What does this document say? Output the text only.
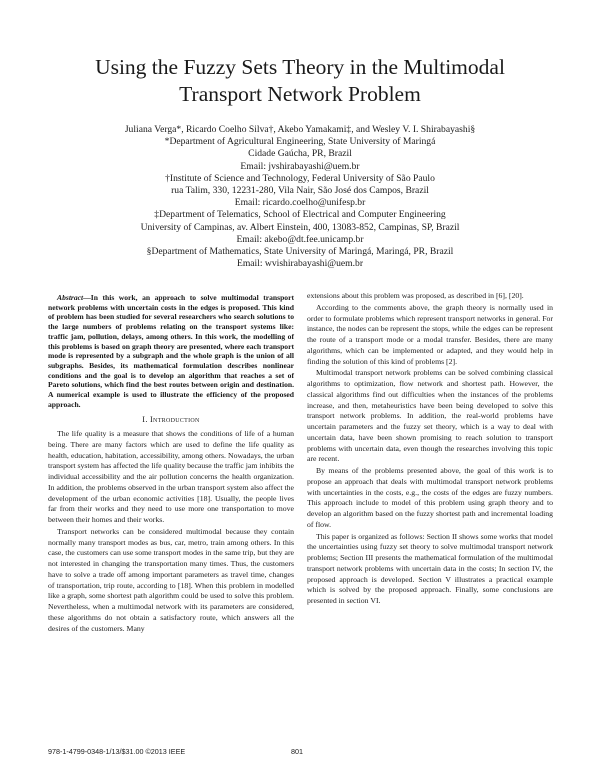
Using the Fuzzy Sets Theory in the Multimodal
Transport Network Problem
Juliana Verga*, Ricardo Coelho Silva†, Akebo Yamakami‡, and Wesley V. I. Shirabayashi§
*Department of Agricultural Engineering, State University of Maringá
Cidade Gaúcha, PR, Brazil
Email: jvshirabayashi@uem.br
†Institute of Science and Technology, Federal University of São Paulo
rua Talim, 330, 12231-280, Vila Nair, São José dos Campos, Brazil
Email: ricardo.coelho@unifesp.br
‡Department of Telematics, School of Electrical and Computer Engineering
University of Campinas, av. Albert Einstein, 400, 13083-852, Campinas, SP, Brazil
Email: akebo@dt.fee.unicamp.br
§Department of Mathematics, State University of Maringá, Maringá, PR, Brazil
Email: wvishirabayashi@uem.br

Abstract—In this work, an approach to solve multimodal transport network problems with uncertain costs in the edges is proposed. This kind of problem has been studied for several researchers who search solutions to the large numbers of problems relating on the transport systems like: traffic jam, pollution, delays, among others. In this work, the modelling of this problems is based on graph theory are presented, where each transport mode is represented by a subgraph and the whole graph is the union of all subgraphs. Besides, its mathematical formulation describes nonlinear conditions and the goal is to develop an algorithm that reaches a set of Pareto solutions, which find the best routes between origin and destination. A numerical example is used to illustrate the efficiency of the proposed approach.

I. Introduction

The life quality is a measure that shows the conditions of life of a human being. There are many factors which are used to define the life quality as health, education, habitation, accessibility, among others. Nowadays, the urban transport system has affected the life quality because the traffic jam inhibits the individual accessibility and the air pollution concerns the health organization. In addition, the problems observed in the urban transport system also affect the development of the urban economic activities [18]. Usually, the people lives far from their works and they need to use more one transportation to move between their homes and their works.

Transport networks can be considered multimodal because they contain normally many transport modes as bus, car, metro, train among others. In this case, the customers can use some transport modes in the same trip, but they are not interested in changing the transportation many times. Thus, the customers have to solve a trade off among important parameters as travel time, changes of transportation, trip route, according to [18]. When this problem in modelled like a graph, some shortest path algorithm could be used to solve this problem. Nevertheless, when a multimodal network with its parameters are considered, these algorithms do not obtain a satisfactory route, which answers all the desires of the customers. Many

extensions about this problem was proposed, as described in [6], [20].

According to the comments above, the graph theory is normally used in order to formulate problems which represent transport networks in general. For instance, the nodes can be represent the stops, while the edges can be represent the route of a transport mode or a modal transfer. Besides, there are many algorithms, which can be implemented or adapted, and they would help in finding the solution of this kind of problems [2].

Multimodal transport network problems can be solved combining classical algorithms to optimization, flow network and shortest path. However, the classical algorithms find out difficulties when the instances of the problems increase, and then, metaheuristics have been being developed to solve this transport network problems. In addition, the real-world problems have uncertain parameters and the fuzzy set theory, which is a way to deal with uncertain data, have been shown promising to reach solution to transport problems with uncertain data, even though the researches involving this topic are recent.

By means of the problems presented above, the goal of this work is to propose an approach that deals with multimodal transport network problems with uncertainties in the costs, e.g., the costs of the edges are fuzzy numbers. This approach include to model of this problem using graph theory and to develop an algorithm based on the fuzzy shortest path and incremental loading of flow.

This paper is organized as follows: Section II shows some works that model the uncertainties using fuzzy set theory to solve multimodal transport network problems; Section III presents the mathematical formulation of the multimodal transport network problems with uncertain data in the costs; In section IV, the proposed approach is developed. Section V illustrates a practical example which is solved by the proposed approach. Finally, some conclusions are presented in section VI.

978-1-4799-0348-1/13/$31.00 ©2013 IEEE	801
